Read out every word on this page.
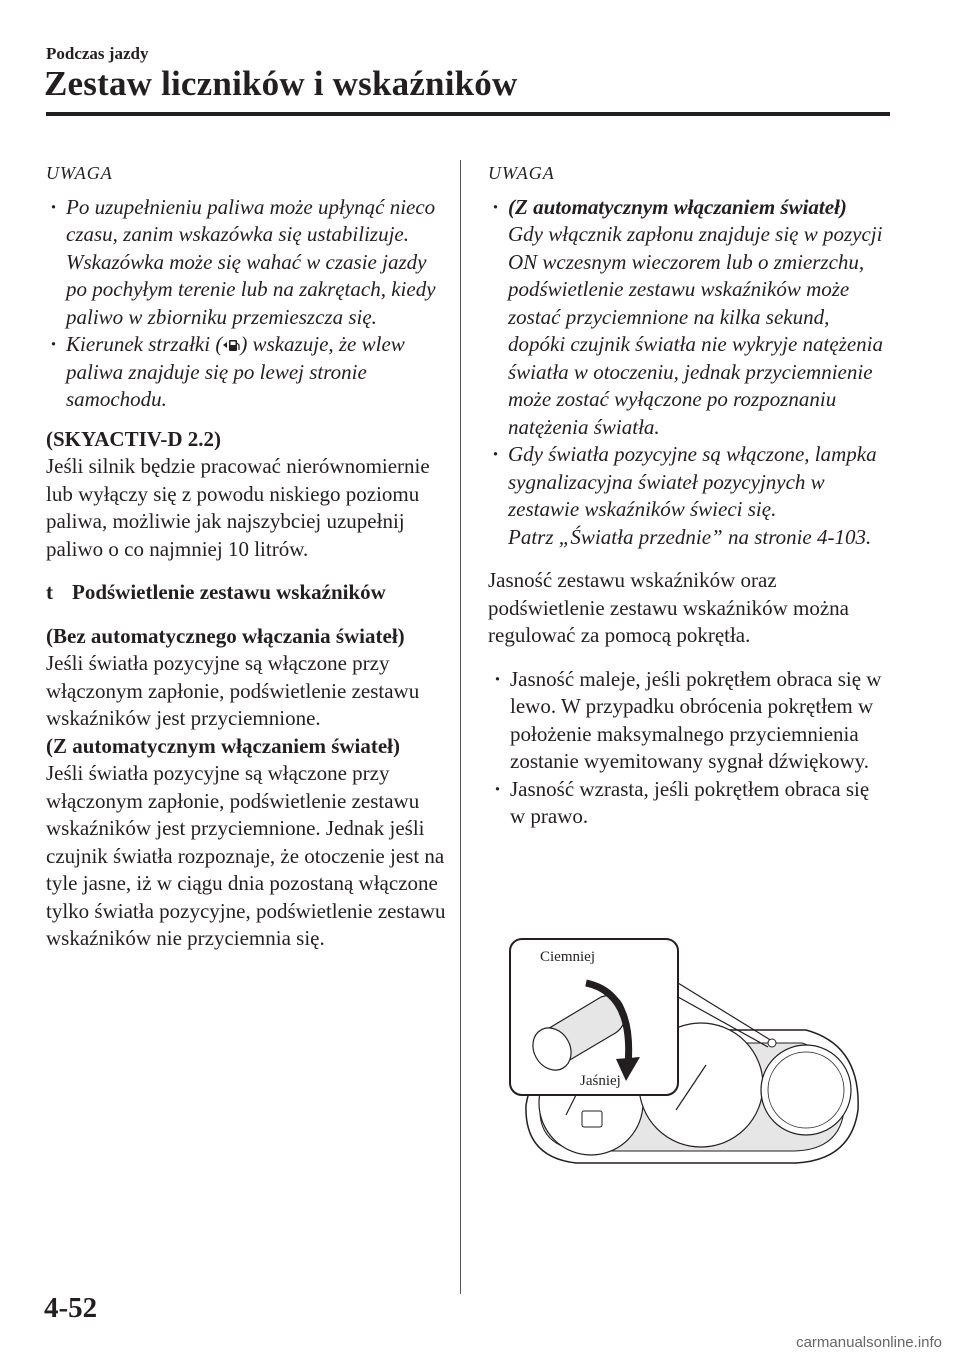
Podczas jazdy
Zestaw liczników i wskaźników

UWAGA

· Po uzupełnieniu paliwa może upłynąć nieco czasu, zanim wskazówka się ustabilizuje. Wskazówka może się wahać w czasie jazdy po pochyłym terenie lub na zakrętach, kiedy paliwo w zbiorniku przemieszcza się.
· Kierunek strzałki ( ) wskazuje, że wlew paliwa znajduje się po lewej stronie samochodu.

(SKYACTIV-D 2.2)

Jeśli silnik będzie pracować nierównomiernie lub wyłączy się z powodu niskiego poziomu paliwa, możliwie jak najszybciej uzupełnij paliwo o co najmniej 10 litrów.

t Podświetlenie zestawu wskaźników

(Bez automatycznego włączania świateł)

Jeśli światła pozycyjne są włączone przy włączonym zapłonie, podświetlenie zestawu wskaźników jest przyciemnione.

(Z automatycznym włączaniem świateł)

Jeśli światła pozycyjne są włączone przy włączonym zapłonie, podświetlenie zestawu wskaźników jest przyciemnione. Jednak jeśli czujnik światła rozpoznaje, że otoczenie jest na tyle jasne, iż w ciągu dnia pozostaną włączone tylko światła pozycyjne, podświetlenie zestawu wskaźników nie przyciemnia się.

UWAGA

· (Z automatycznym włączaniem świateł)
Gdy włącznik zapłonu znajduje się w pozycji ON wczesnym wieczorem lub o zmierzchu, podświetlenie zestawu wskaźników może zostać przyciemnione na kilka sekund, dopóki czujnik światła nie wykryje natężenia światła w otoczeniu, jednak przyciemnienie może zostać wyłączone po rozpoznaniu natężenia światła.
· Gdy światła pozycyjne są włączone, lampka sygnalizacyjna świateł pozycyjnych w zestawie wskaźników świeci się.
Patrz „Światła przednie” na stronie 4-103.

Jasność zestawu wskaźników oraz podświetlenie zestawu wskaźników można regulować za pomocą pokrętła.

· Jasność maleje, jeśli pokrętłem obraca się w lewo. W przypadku obrócenia pokrętłem w położenie maksymalnego przyciemnienia zostanie wyemitowany sygnał dźwiękowy.
· Jasność wzrasta, jeśli pokrętłem obraca się w prawo.
Ciemniej
Jaśniej
4-52
carmanualsonline.info
